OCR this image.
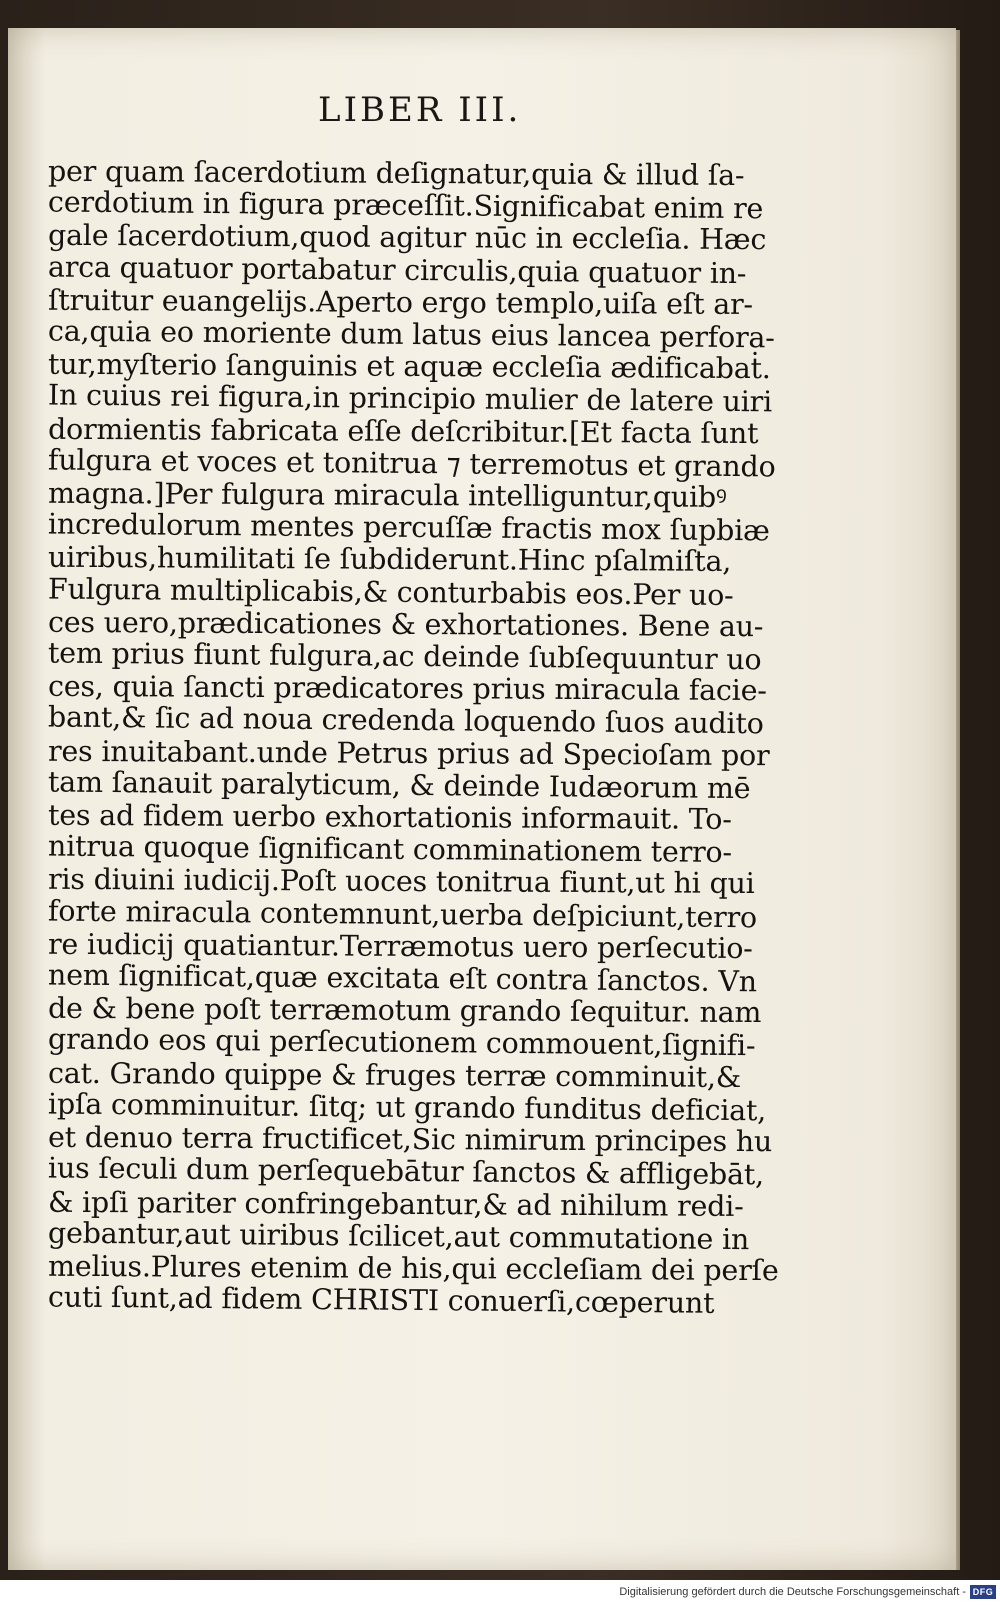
LIBER III.
per quam ſacerdotium deſignatur,quia & illud ſa-
cerdotium in figura præceſſit.Significabat enim re
gale ſacerdotium,quod agitur nūc in eccleſia. Hæc
arca quatuor portabatur circulis,quia quatuor in-
ſtruitur euangelijs.Aperto ergo templo,uiſa eſt ar-
ca,quia eo moriente dum latus eius lancea perfora-
tur,myſterio ſanguinis et aquæ eccleſia ædificabaṫ.
In cuius rei figura,in principio mulier de latere uiri
dormientis fabricata eſſe deſcribitur.[Et facta ſunt
fulgura et voces et tonitrua ⁊ terremotus et grando
magna.]Per fulgura miracula intelliguntur,quibꝰ
incredulorum mentes percuſſæ fractis mox ſupbiæ
uiribus,humilitati ſe ſubdiderunt.Hinc pſalmiſta,
Fulgura multiplicabis,& conturbabis eos.Per uo-
ces uero,prædicationes & exhortationes. Bene au-
tem prius fiunt fulgura,ac deinde ſubſequuntur uo
ces, quia ſancti prædicatores prius miracula facie-
bant,& ſic ad noua credenda loquendo ſuos audito
res inuitabant.unde Petrus prius ad Specioſam por
tam ſanauit paralyticum, & deinde Iudæorum mē
tes ad fidem uerbo exhortationis informauit. To-
nitrua quoque ſignificant comminationem terro-
ris diuini iudicij.Poſt uoces tonitrua fiunt,ut hi qui
forte miracula contemnunt,uerba deſpiciunt,terro
re iudicij quatiantur.Terræmotus uero perſecutio-
nem ſignificat,quæ excitata eſt contra ſanctos. Vn
de & bene poſt terræmotum grando ſequitur. nam
grando eos qui perſecutionem commouent,ſignifi-
cat. Grando quippe & fruges terræ comminuit,&
ipſa comminuitur. ſitq; ut grando funditus deficiat,
et denuo terra fructificet,Sic nimirum principes hu
ius ſeculi dum perſequebātur ſanctos & affligebāt,
& ipſi pariter confringebantur,& ad nihilum redi-
gebantur,aut uiribus ſcilicet,aut commutatione in
melius.Plures etenim de his,qui eccleſiam dei perſe
cuti ſunt,ad fidem CHRISTI conuerſi,cœperunt

Digitalisierung gefördert durch die Deutsche Forschungsgemeinschaft - DFG
